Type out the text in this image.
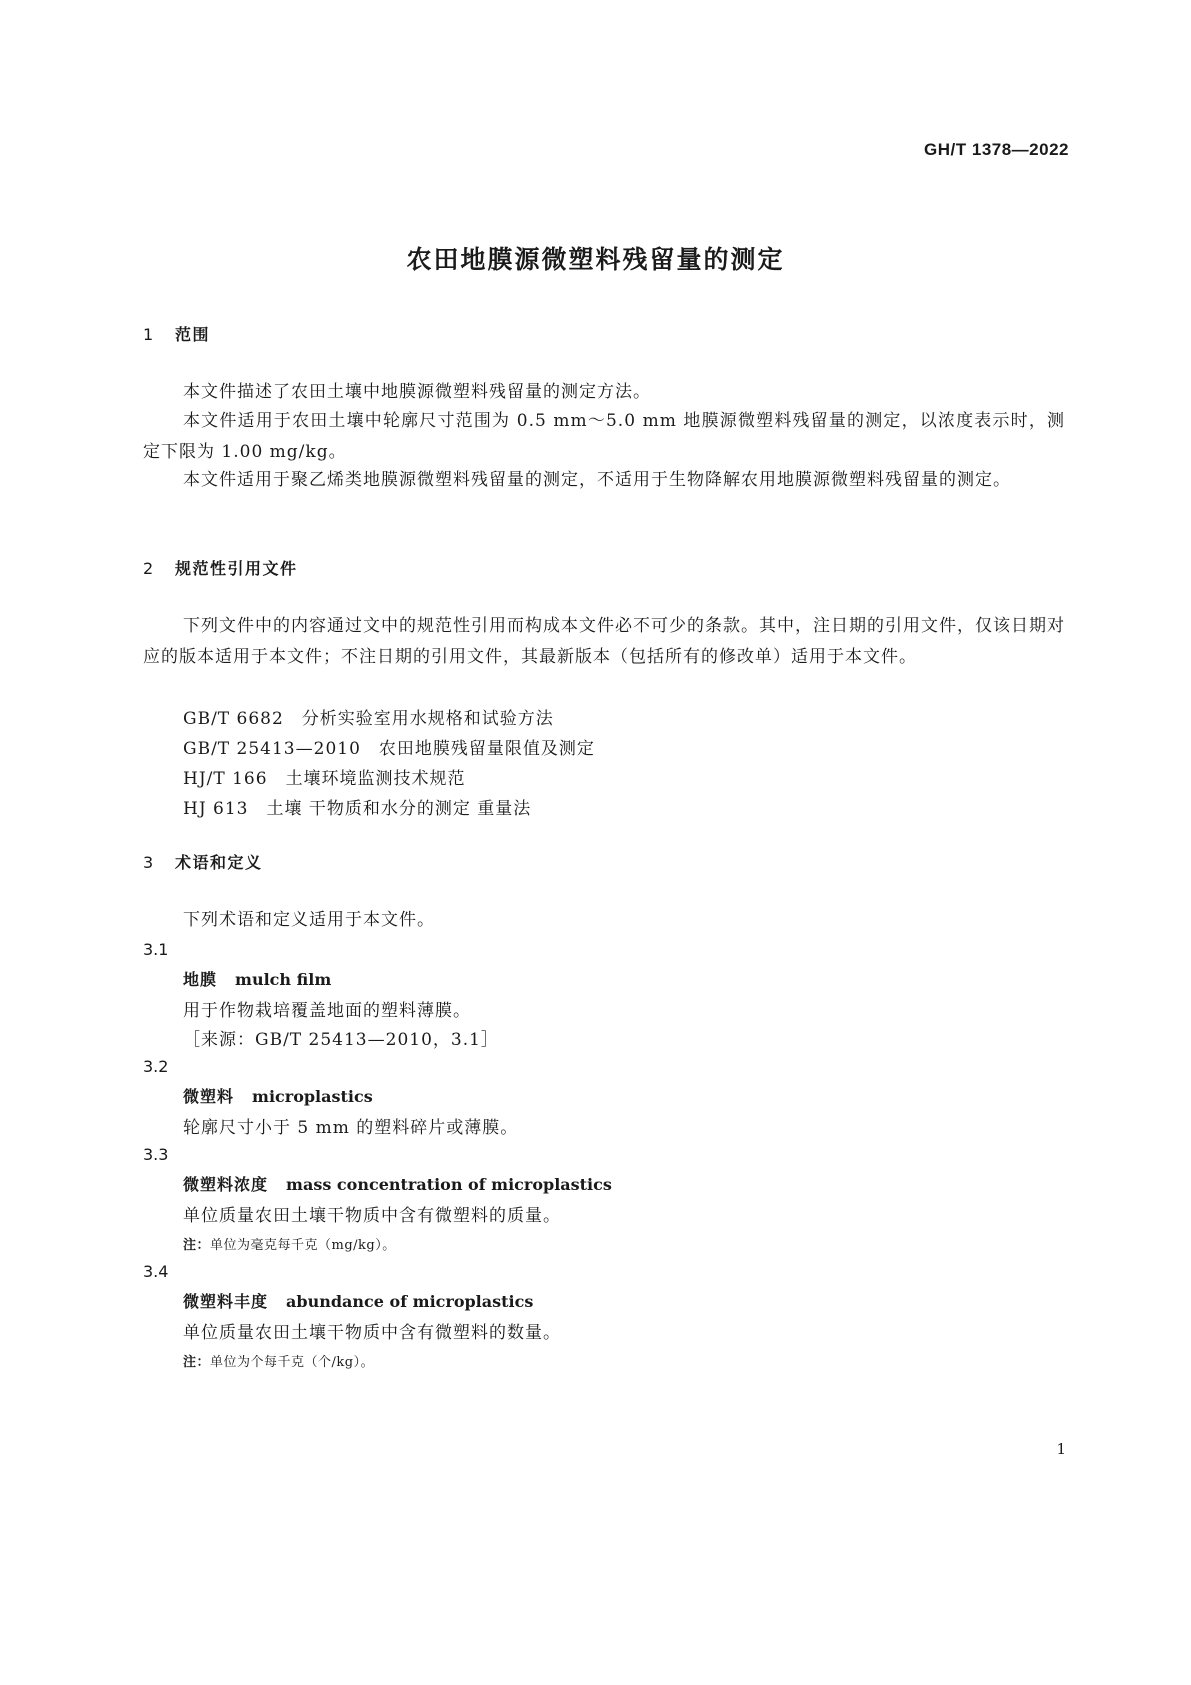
GH/T 1378—2022

农田地膜源微塑料残留量的测定
1 范围

本文件描述了农田土壤中地膜源微塑料残留量的测定方法。

本文件适用于农田土壤中轮廓尺寸范围为 0.5 mm～5.0 mm 地膜源微塑料残留量的测定，以浓度表示时，测定下限为 1.00 mg/kg。

本文件适用于聚乙烯类地膜源微塑料残留量的测定，不适用于生物降解农用地膜源微塑料残留量的测定。

2 规范性引用文件

下列文件中的内容通过文中的规范性引用而构成本文件必不可少的条款。其中，注日期的引用文件，仅该日期对应的版本适用于本文件；不注日期的引用文件，其最新版本（包括所有的修改单）适用于本文件。

GB/T 6682 分析实验室用水规格和试验方法

GB/T 25413—2010 农田地膜残留量限值及测定

HJ/T 166 土壤环境监测技术规范

HJ 613 土壤 干物质和水分的测定 重量法

3 术语和定义

下列术语和定义适用于本文件。

3.1

地膜 mulch film

用于作物栽培覆盖地面的塑料薄膜。

［来源：GB/T 25413—2010，3.1］

3.2

微塑料 microplastics

轮廓尺寸小于 5 mm 的塑料碎片或薄膜。

3.3

微塑料浓度 mass concentration of microplastics

单位质量农田土壤干物质中含有微塑料的质量。

注：单位为毫克每千克（mg/kg）。

3.4

微塑料丰度 abundance of microplastics

单位质量农田土壤干物质中含有微塑料的数量。

注：单位为个每千克（个/kg）。

1
